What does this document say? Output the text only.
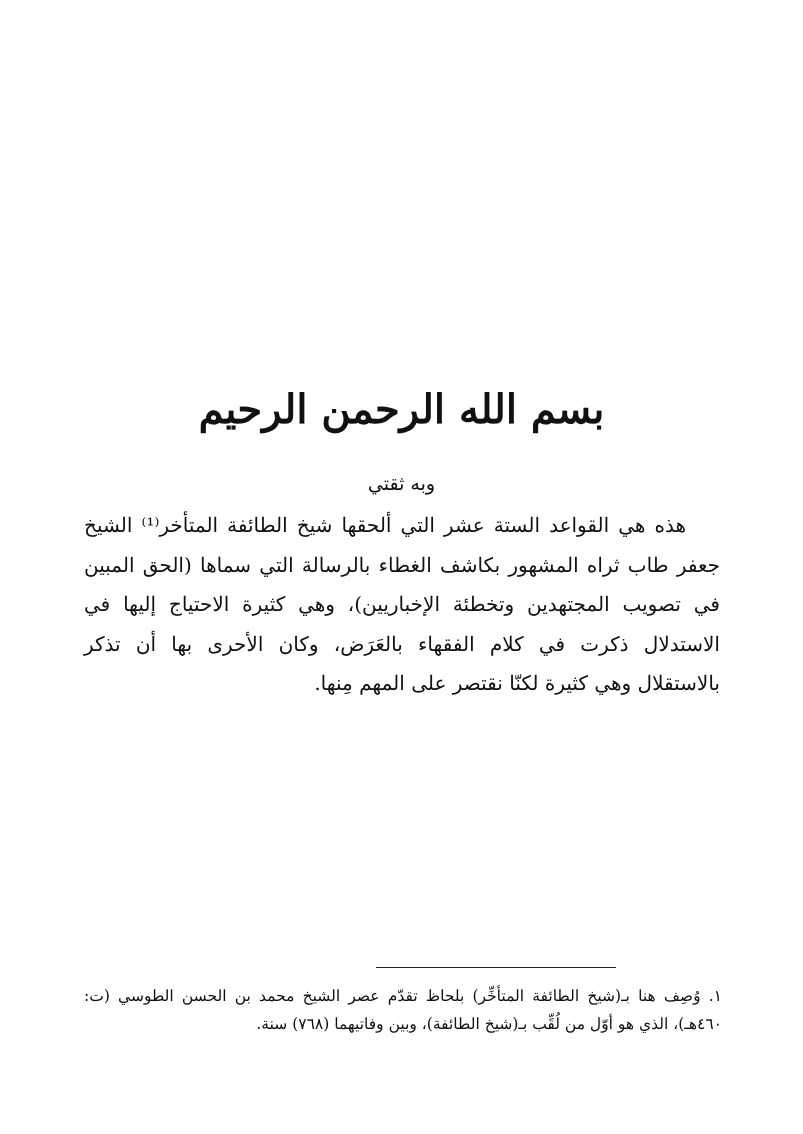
بسم الله الرحمن الرحيم
وبه ثقتي

هذه هي القواعد الستة عشر التي ألحقها شيخ الطائفة المتأخر⁽¹⁾ الشيخ جعفر طاب ثراه المشهور بكاشف الغطاء بالرسالة التي سماها (الحق المبين في تصويب المجتهدين وتخطئة الإخباريين)، وهي كثيرة الاحتياج إليها في الاستدلال ذكرت في كلام الفقهاء بالعَرَض، وكان الأحرى بها أن تذكر بالاستقلال وهي كثيرة لكنّا نقتصر على المهم مِنها.

١. وُصِف هنا بـ(شيخ الطائفة المتأخِّر) بلحاظ تقدّم عصر الشيخ محمد بن الحسن الطوسي (ت: ٤٦٠هـ)، الذي هو أوّل من لُقِّب بـ(شيخ الطائفة)، وبين وفاتيهما (٧٦٨) سنة.
